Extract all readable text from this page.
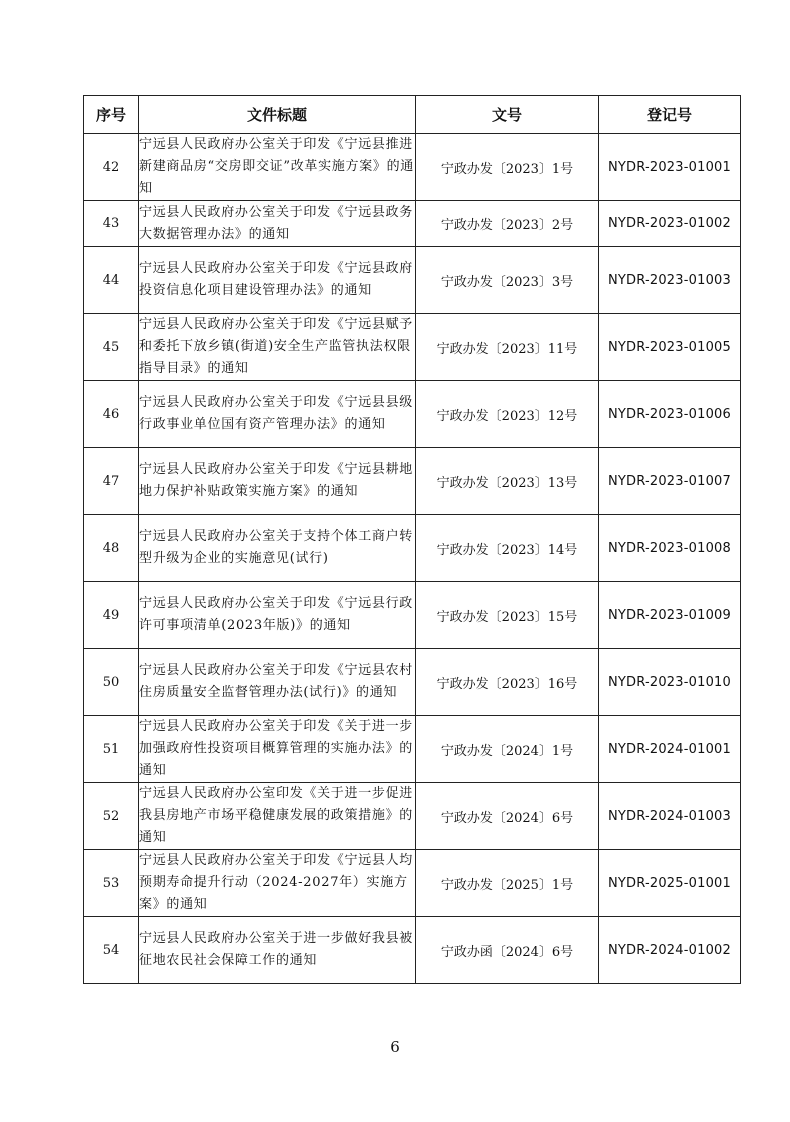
序号	文件标题	文号	登记号
42	宁远县人民政府办公室关于印发《宁远县推进新建商品房“交房即交证”改革实施方案》的通知	宁政办发〔2023〕1号	NYDR-2023-01001
43	宁远县人民政府办公室关于印发《宁远县政务大数据管理办法》的通知	宁政办发〔2023〕2号	NYDR-2023-01002
44	宁远县人民政府办公室关于印发《宁远县政府投资信息化项目建设管理办法》的通知	宁政办发〔2023〕3号	NYDR-2023-01003
45	宁远县人民政府办公室关于印发《宁远县赋予和委托下放乡镇(街道)安全生产监管执法权限指导目录》的通知	宁政办发〔2023〕11号	NYDR-2023-01005
46	宁远县人民政府办公室关于印发《宁远县县级行政事业单位国有资产管理办法》的通知	宁政办发〔2023〕12号	NYDR-2023-01006
47	宁远县人民政府办公室关于印发《宁远县耕地地力保护补贴政策实施方案》的通知	宁政办发〔2023〕13号	NYDR-2023-01007
48	宁远县人民政府办公室关于支持个体工商户转型升级为企业的实施意见(试行)	宁政办发〔2023〕14号	NYDR-2023-01008
49	宁远县人民政府办公室关于印发《宁远县行政许可事项清单(2023年版)》的通知	宁政办发〔2023〕15号	NYDR-2023-01009
50	宁远县人民政府办公室关于印发《宁远县农村住房质量安全监督管理办法(试行)》的通知	宁政办发〔2023〕16号	NYDR-2023-01010
51	宁远县人民政府办公室关于印发《关于进一步加强政府性投资项目概算管理的实施办法》的通知	宁政办发〔2024〕1号	NYDR-2024-01001
52	宁远县人民政府办公室印发《关于进一步促进我县房地产市场平稳健康发展的政策措施》的通知	宁政办发〔2024〕6号	NYDR-2024-01003
53	宁远县人民政府办公室关于印发《宁远县人均预期寿命提升行动（2024-2027年）实施方案》的通知	宁政办发〔2025〕1号	NYDR-2025-01001
54	宁远县人民政府办公室关于进一步做好我县被征地农民社会保障工作的通知	宁政办函〔2024〕6号	NYDR-2024-01002
6
